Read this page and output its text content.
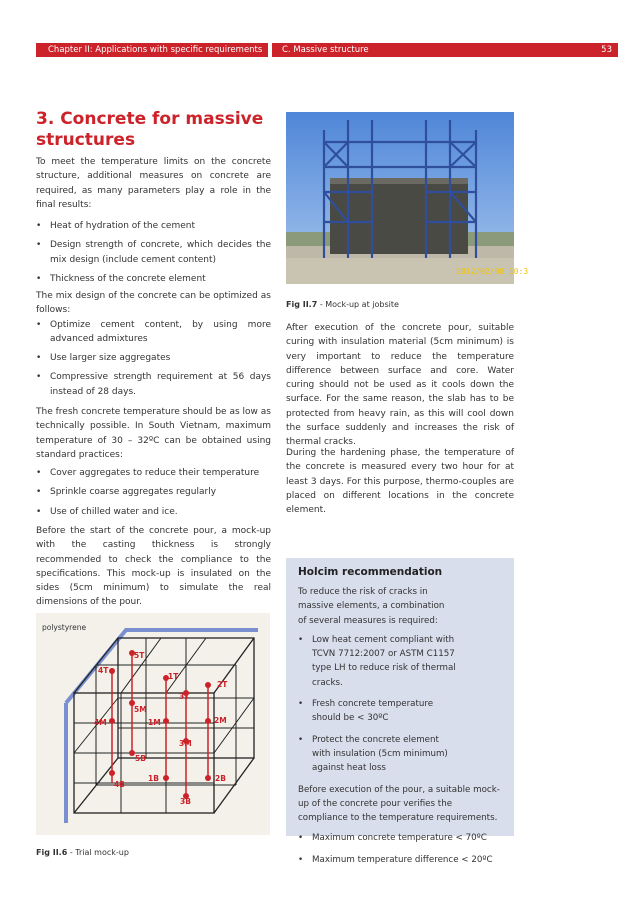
Chapter II: Applications with specific requirements	C. Massive structure	53
3. Concrete for massive structures
To meet the temperature limits on the concrete structure, additional measures on concrete are required, as many parameters play a role in the final results:
• Heat of hydration of the cement
• Design strength of concrete, which decides the mix design (include cement content)
• Thickness of the concrete element
The mix design of the concrete can be optimized as follows:
• Optimize cement content, by using more advanced admixtures
• Use larger size aggregates
• Compressive strength requirement at 56 days instead of 28 days.
The fresh concrete temperature should be as low as technically possible. In South Vietnam, maximum temperature of 30 – 32ºC can be obtained using standard practices:
• Cover aggregates to reduce their temperature
• Sprinkle coarse aggregates regularly
• Use of chilled water and ice.
Before the start of the concrete pour, a mock-up with the casting thickness is strongly recommended to check the compliance to the specifications. This mock-up is insulated on the sides (5cm minimum) to simulate the real dimensions of the pour.
5T
4T
1T
2T
3T
5M
4M	1M	2M
3M
5B
4B
1B	2B
3B
polystyrene
Fig II.6 - Trial mock-up
2012/02/08 10:3
Fig II.7 - Mock-up at jobsite
After execution of the concrete pour, suitable curing with insulation material (5cm minimum) is very important to reduce the temperature difference between surface and core. Water curing should not be used as it cools down the surface. For the same reason, the slab has to be protected from heavy rain, as this will cool down the surface suddenly and increases the risk of thermal cracks.
During the hardening phase, the temperature of the concrete is measured every two hour for at least 3 days. For this purpose, thermo-couples are placed on different locations in the concrete element.
Holcim recommendation
To reduce the risk of cracks in massive elements, a combination of several measures is required:
• Low heat cement compliant with TCVN 7712:2007 or ASTM C1157 type LH to reduce risk of thermal cracks.
• Fresh concrete temperature should be < 30ºC
• Protect the concrete element with insulation (5cm minimum) against heat loss
Before execution of the pour, a suitable mock-up of the concrete pour verifies the compliance to the temperature requirements.
• Maximum concrete temperature < 70ºC
• Maximum temperature difference < 20ºC
